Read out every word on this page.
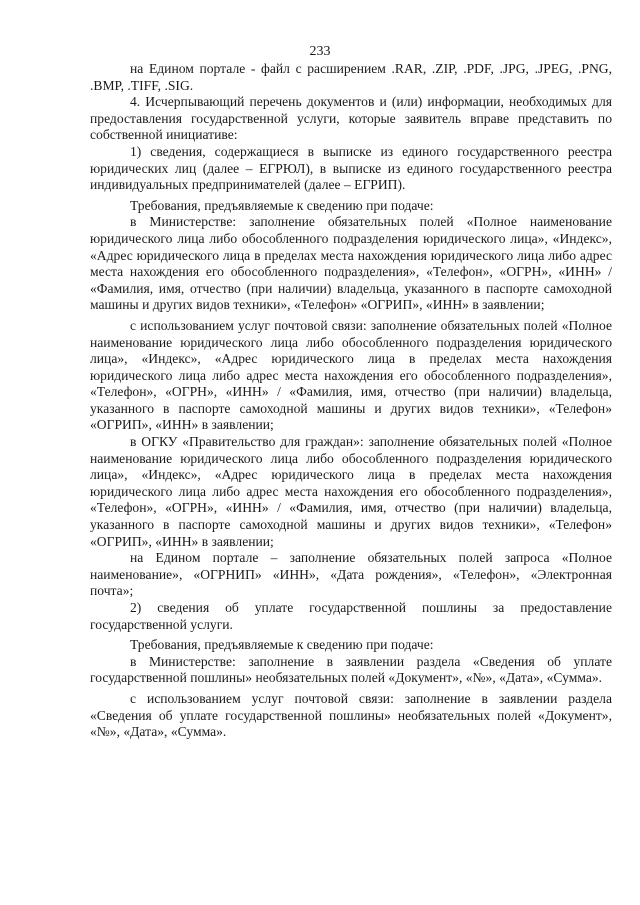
233

на Едином портале - файл с расширением .RAR, .ZIP, .PDF, .JPG, .JPEG, .PNG, .BMP, .TIFF, .SIG.

4. Исчерпывающий перечень документов и (или) информации, необходимых для предоставления государственной услуги, которые заявитель вправе представить по собственной инициативе:

1) сведения, содержащиеся в выписке из единого государственного реестра юридических лиц (далее – ЕГРЮЛ), в выписке из единого государственного реестра индивидуальных предпринимателей (далее – ЕГРИП).

Требования, предъявляемые к сведению при подаче:

в Министерстве: заполнение обязательных полей «Полное наименование юридического лица либо обособленного подразделения юридического лица», «Индекс», «Адрес юридического лица в пределах места нахождения юридического лица либо адрес места нахождения его обособленного подразделения», «Телефон», «ОГРН», «ИНН» / «Фамилия, имя, отчество (при наличии) владельца, указанного в паспорте самоходной машины и других видов техники», «Телефон» «ОГРИП», «ИНН» в заявлении;

с использованием услуг почтовой связи: заполнение обязательных полей «Полное наименование юридического лица либо обособленного подразделения юридического лица», «Индекс», «Адрес юридического лица в пределах места нахождения юридического лица либо адрес места нахождения его обособленного подразделения», «Телефон», «ОГРН», «ИНН» / «Фамилия, имя, отчество (при наличии) владельца, указанного в паспорте самоходной машины и других видов техники», «Телефон» «ОГРИП», «ИНН» в заявлении;

в ОГКУ «Правительство для граждан»: заполнение обязательных полей «Полное наименование юридического лица либо обособленного подразделения юридического лица», «Индекс», «Адрес юридического лица в пределах места нахождения юридического лица либо адрес места нахождения его обособленного подразделения», «Телефон», «ОГРН», «ИНН» / «Фамилия, имя, отчество (при наличии) владельца, указанного в паспорте самоходной машины и других видов техники», «Телефон» «ОГРИП», «ИНН» в заявлении;

на Едином портале – заполнение обязательных полей запроса «Полное наименование», «ОГРНИП» «ИНН», «Дата рождения», «Телефон», «Электронная почта»;

2) сведения об уплате государственной пошлины за предоставление государственной услуги.

Требования, предъявляемые к сведению при подаче:

в Министерстве: заполнение в заявлении раздела «Сведения об уплате государственной пошлины» необязательных полей «Документ», «№», «Дата», «Сумма».

с использованием услуг почтовой связи: заполнение в заявлении раздела «Сведения об уплате государственной пошлины» необязательных полей «Документ», «№», «Дата», «Сумма».
